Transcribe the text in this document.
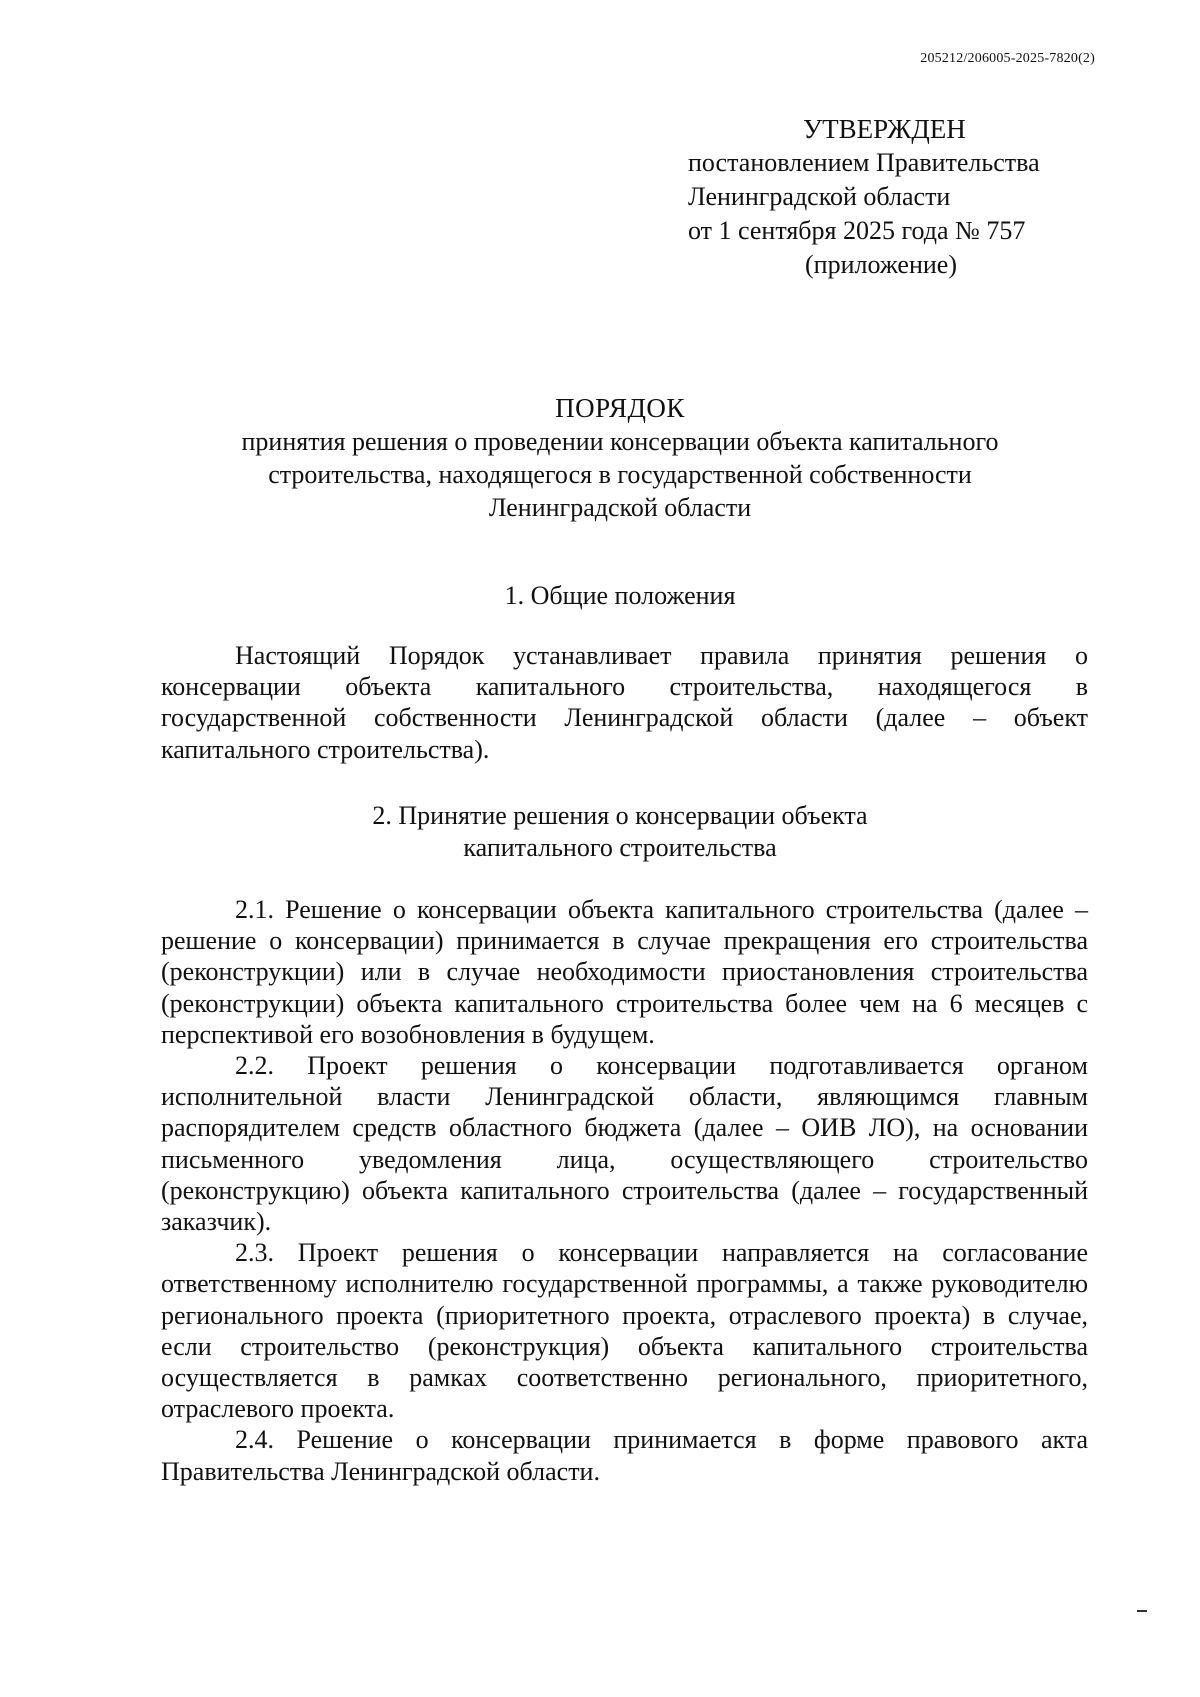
205212/206005-2025-7820(2)
УТВЕРЖДЕН
постановлением Правительства
Ленинградской области
от 1 сентября 2025 года № 757
(приложение)
ПОРЯДОК
принятия решения о проведении консервации объекта капитального строительства, находящегося в государственной собственности Ленинградской области
1. Общие положения

Настоящий Порядок устанавливает правила принятия решения о консервации объекта капитального строительства, находящегося в государственной собственности Ленинградской области (далее – объект капитального строительства).

2. Принятие решения о консервации объекта
капитального строительства

2.1. Решение о консервации объекта капитального строительства (далее – решение о консервации) принимается в случае прекращения его строительства (реконструкции) или в случае необходимости приостановления строительства (реконструкции) объекта капитального строительства более чем на 6 месяцев с перспективой его возобновления в будущем.

2.2. Проект решения о консервации подготавливается органом исполнительной власти Ленинградской области, являющимся главным распорядителем средств областного бюджета (далее – ОИВ ЛО), на основании письменного уведомления лица, осуществляющего строительство (реконструкцию) объекта капитального строительства (далее – государственный заказчик).

2.3. Проект решения о консервации направляется на согласование ответственному исполнителю государственной программы, а также руководителю регионального проекта (приоритетного проекта, отраслевого проекта) в случае, если строительство (реконструкция) объекта капитального строительства осуществляется в рамках соответственно регионального, приоритетного, отраслевого проекта.

2.4. Решение о консервации принимается в форме правового акта Правительства Ленинградской области.
